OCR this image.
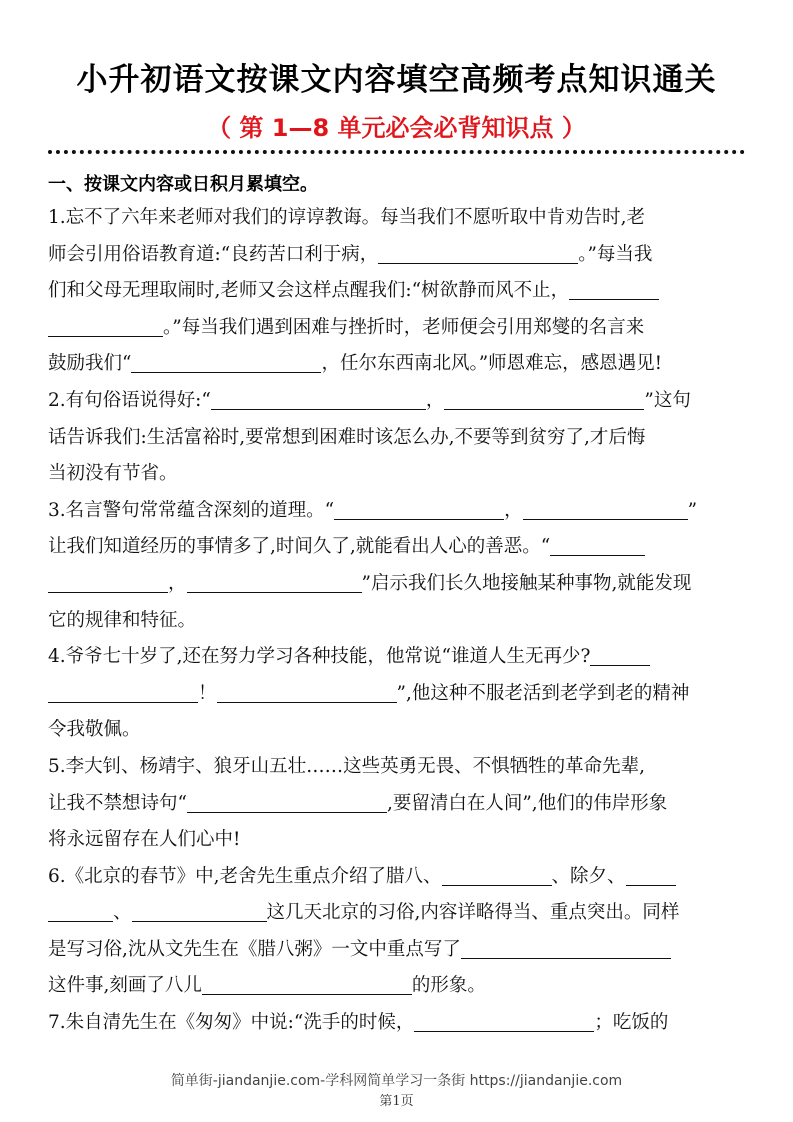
小升初语文按课文内容填空高频考点知识通关
（ 第 1—8 单元必会必背知识点 ）
一、按课文内容或日积月累填空。
1.忘不了六年来老师对我们的谆谆教诲。每当我们不愿听取中肯劝告时,老
师会引用俗语教育道:“良药苦口利于病，	。”每当我
们和父母无理取闹时,老师又会这样点醒我们:“树欲静而风不止，
。”每当我们遇到困难与挫折时，老师便会引用郑燮的名言来
鼓励我们“	，任尔东西南北风。”师恩难忘，感恩遇见!
2.有句俗语说得好:“	，	”这句
话告诉我们:生活富裕时,要常想到困难时该怎么办,不要等到贫穷了,才后悔
当初没有节省。
3.名言警句常常蕴含深刻的道理。“	，	”
让我们知道经历的事情多了,时间久了,就能看出人心的善恶。“
，	”启示我们长久地接触某种事物,就能发现
它的规律和特征。
4.爷爷七十岁了,还在努力学习各种技能，他常说“谁道人生无再少?
！	”,他这种不服老活到老学到老的精神
令我敬佩。
5.李大钊、杨靖宇、狼牙山五壮……这些英勇无畏、不惧牺牲的革命先辈,
让我不禁想诗句“	,要留清白在人间”,他们的伟岸形象
将永远留存在人们心中!
6.《北京的春节》中,老舍先生重点介绍了腊八、	、除夕、
、	这几天北京的习俗,内容详略得当、重点突出。同样
是写习俗,沈从文先生在《腊八粥》一文中重点写了
这件事,刻画了八儿	的形象。
7.朱自清先生在《匆匆》中说:“洗手的时候，	；吃饭的
简单街-jiandanjie.com-学科网简单学习一条街 https://jiandanjie.com
第1页
